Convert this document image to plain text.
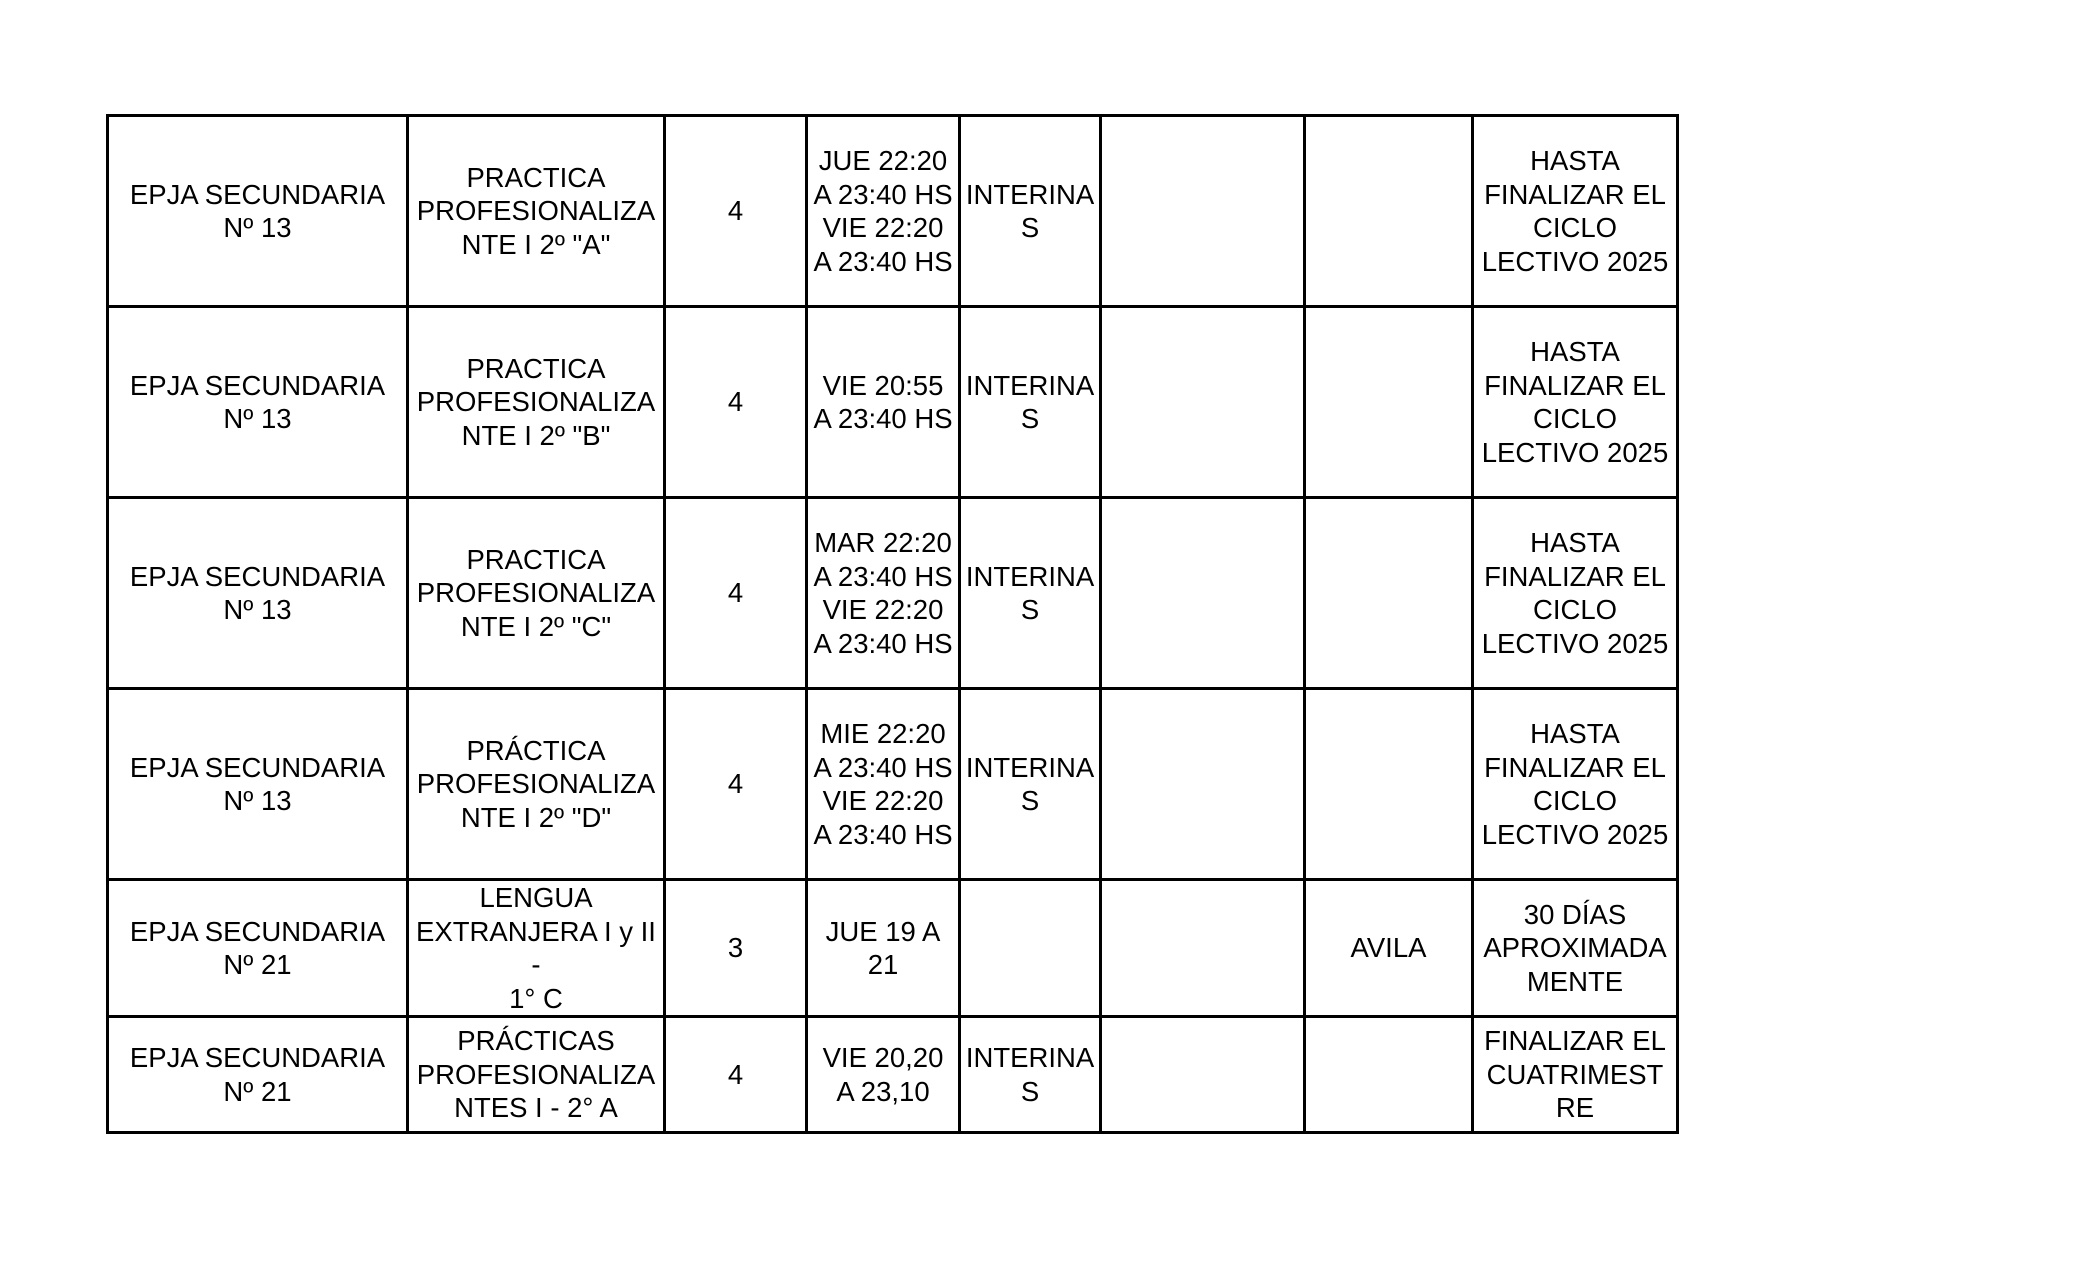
EPJA SECUNDARIA
Nº 13	PRACTICA
PROFESIONALIZA
NTE I 2º "A"	4	JUE 22:20
A 23:40 HS
VIE 22:20
A 23:40 HS	INTERINA
S			HASTA
FINALIZAR EL
CICLO
LECTIVO 2025

EPJA SECUNDARIA
Nº 13	PRACTICA
PROFESIONALIZA
NTE I 2º "B"	4	VIE 20:55
A 23:40 HS	INTERINA
S			HASTA
FINALIZAR EL
CICLO
LECTIVO 2025

EPJA SECUNDARIA
Nº 13	PRACTICA
PROFESIONALIZA
NTE I 2º "C"	4	MAR 22:20
A 23:40 HS
VIE 22:20
A 23:40 HS	INTERINA
S			HASTA
FINALIZAR EL
CICLO
LECTIVO 2025

EPJA SECUNDARIA
Nº 13	PRÁCTICA
PROFESIONALIZA
NTE I 2º "D"	4	MIE 22:20
A 23:40 HS
VIE 22:20
A 23:40 HS	INTERINA
S			HASTA
FINALIZAR EL
CICLO
LECTIVO 2025

EPJA SECUNDARIA
Nº 21	LENGUA
EXTRANJERA I y II -
1° C	3	JUE 19 A
21			AVILA	30 DÍAS
APROXIMADA
MENTE

EPJA SECUNDARIA
Nº 21	PRÁCTICAS
PROFESIONALIZA
NTES I - 2° A	4	VIE 20,20
A 23,10	INTERINA
S			FINALIZAR EL
CUATRIMEST
RE
